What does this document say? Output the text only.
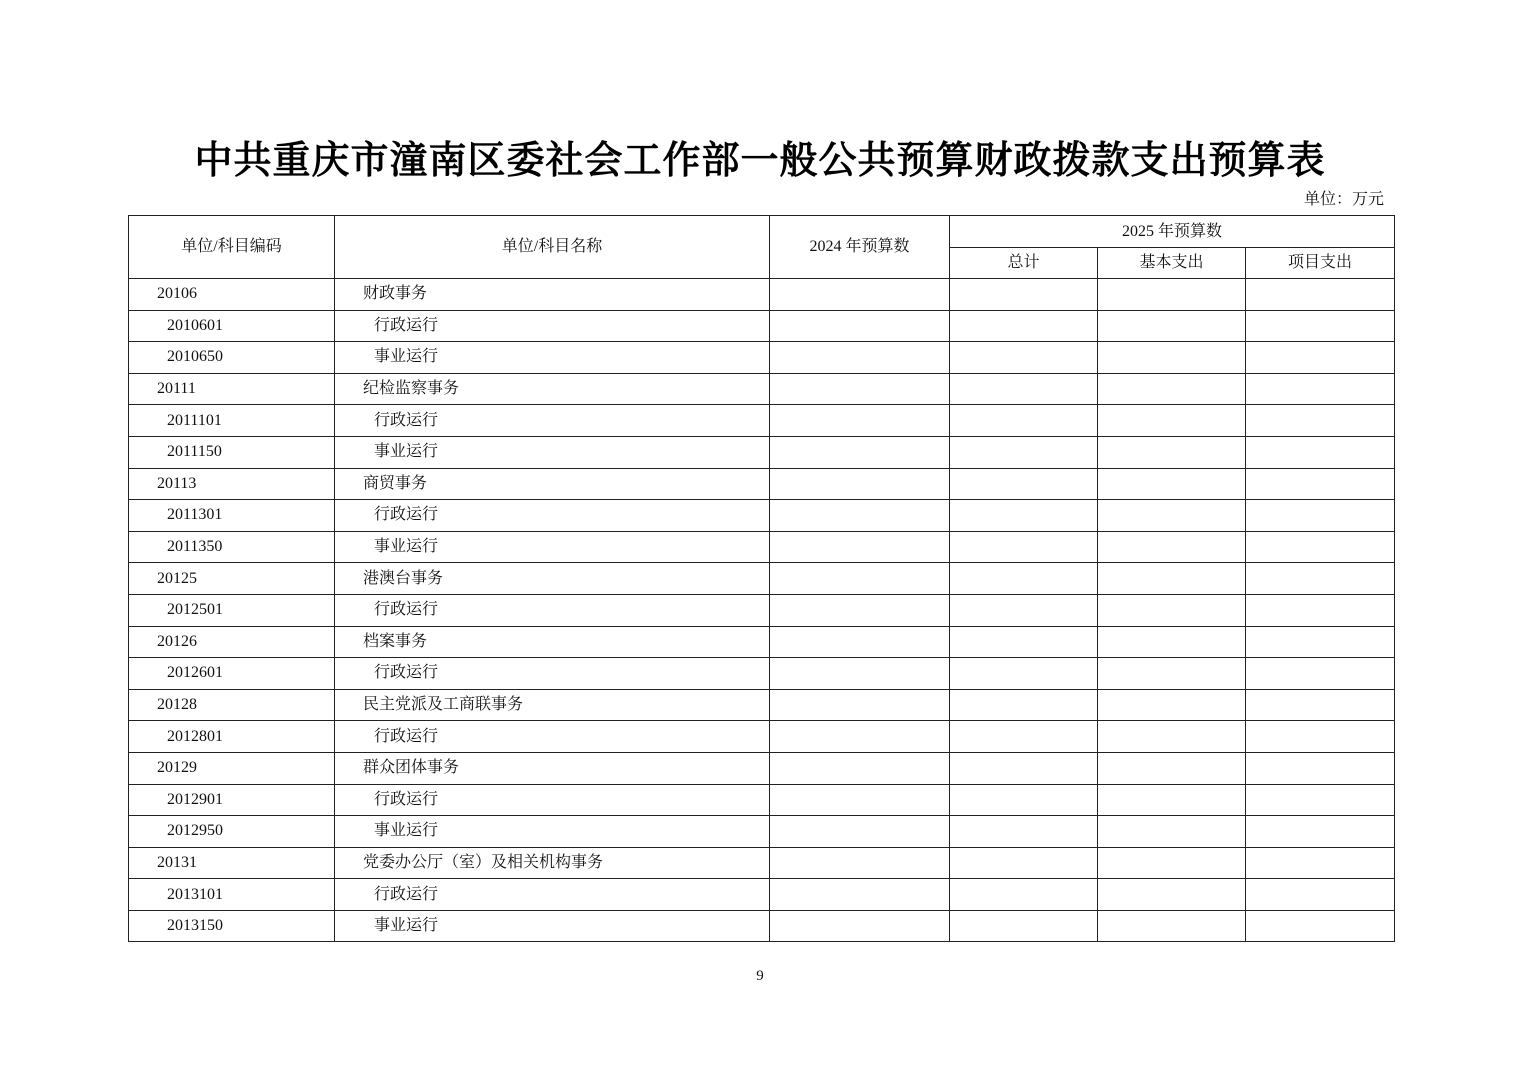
中共重庆市潼南区委社会工作部一般公共预算财政拨款支出预算表
单位：万元
单位/科目编码	单位/科目名称	2024 年预算数	2025 年预算数		
			总计	基本支出	项目支出
20106	财政事务				
2010601	行政运行				
2010650	事业运行				
20111	纪检监察事务				
2011101	行政运行				
2011150	事业运行				
20113	商贸事务				
2011301	行政运行				
2011350	事业运行				
20125	港澳台事务				
2012501	行政运行				
20126	档案事务				
2012601	行政运行				
20128	民主党派及工商联事务				
2012801	行政运行				
20129	群众团体事务				
2012901	行政运行				
2012950	事业运行				
20131	党委办公厅（室）及相关机构事务				
2013101	行政运行				
2013150	事业运行				
9
